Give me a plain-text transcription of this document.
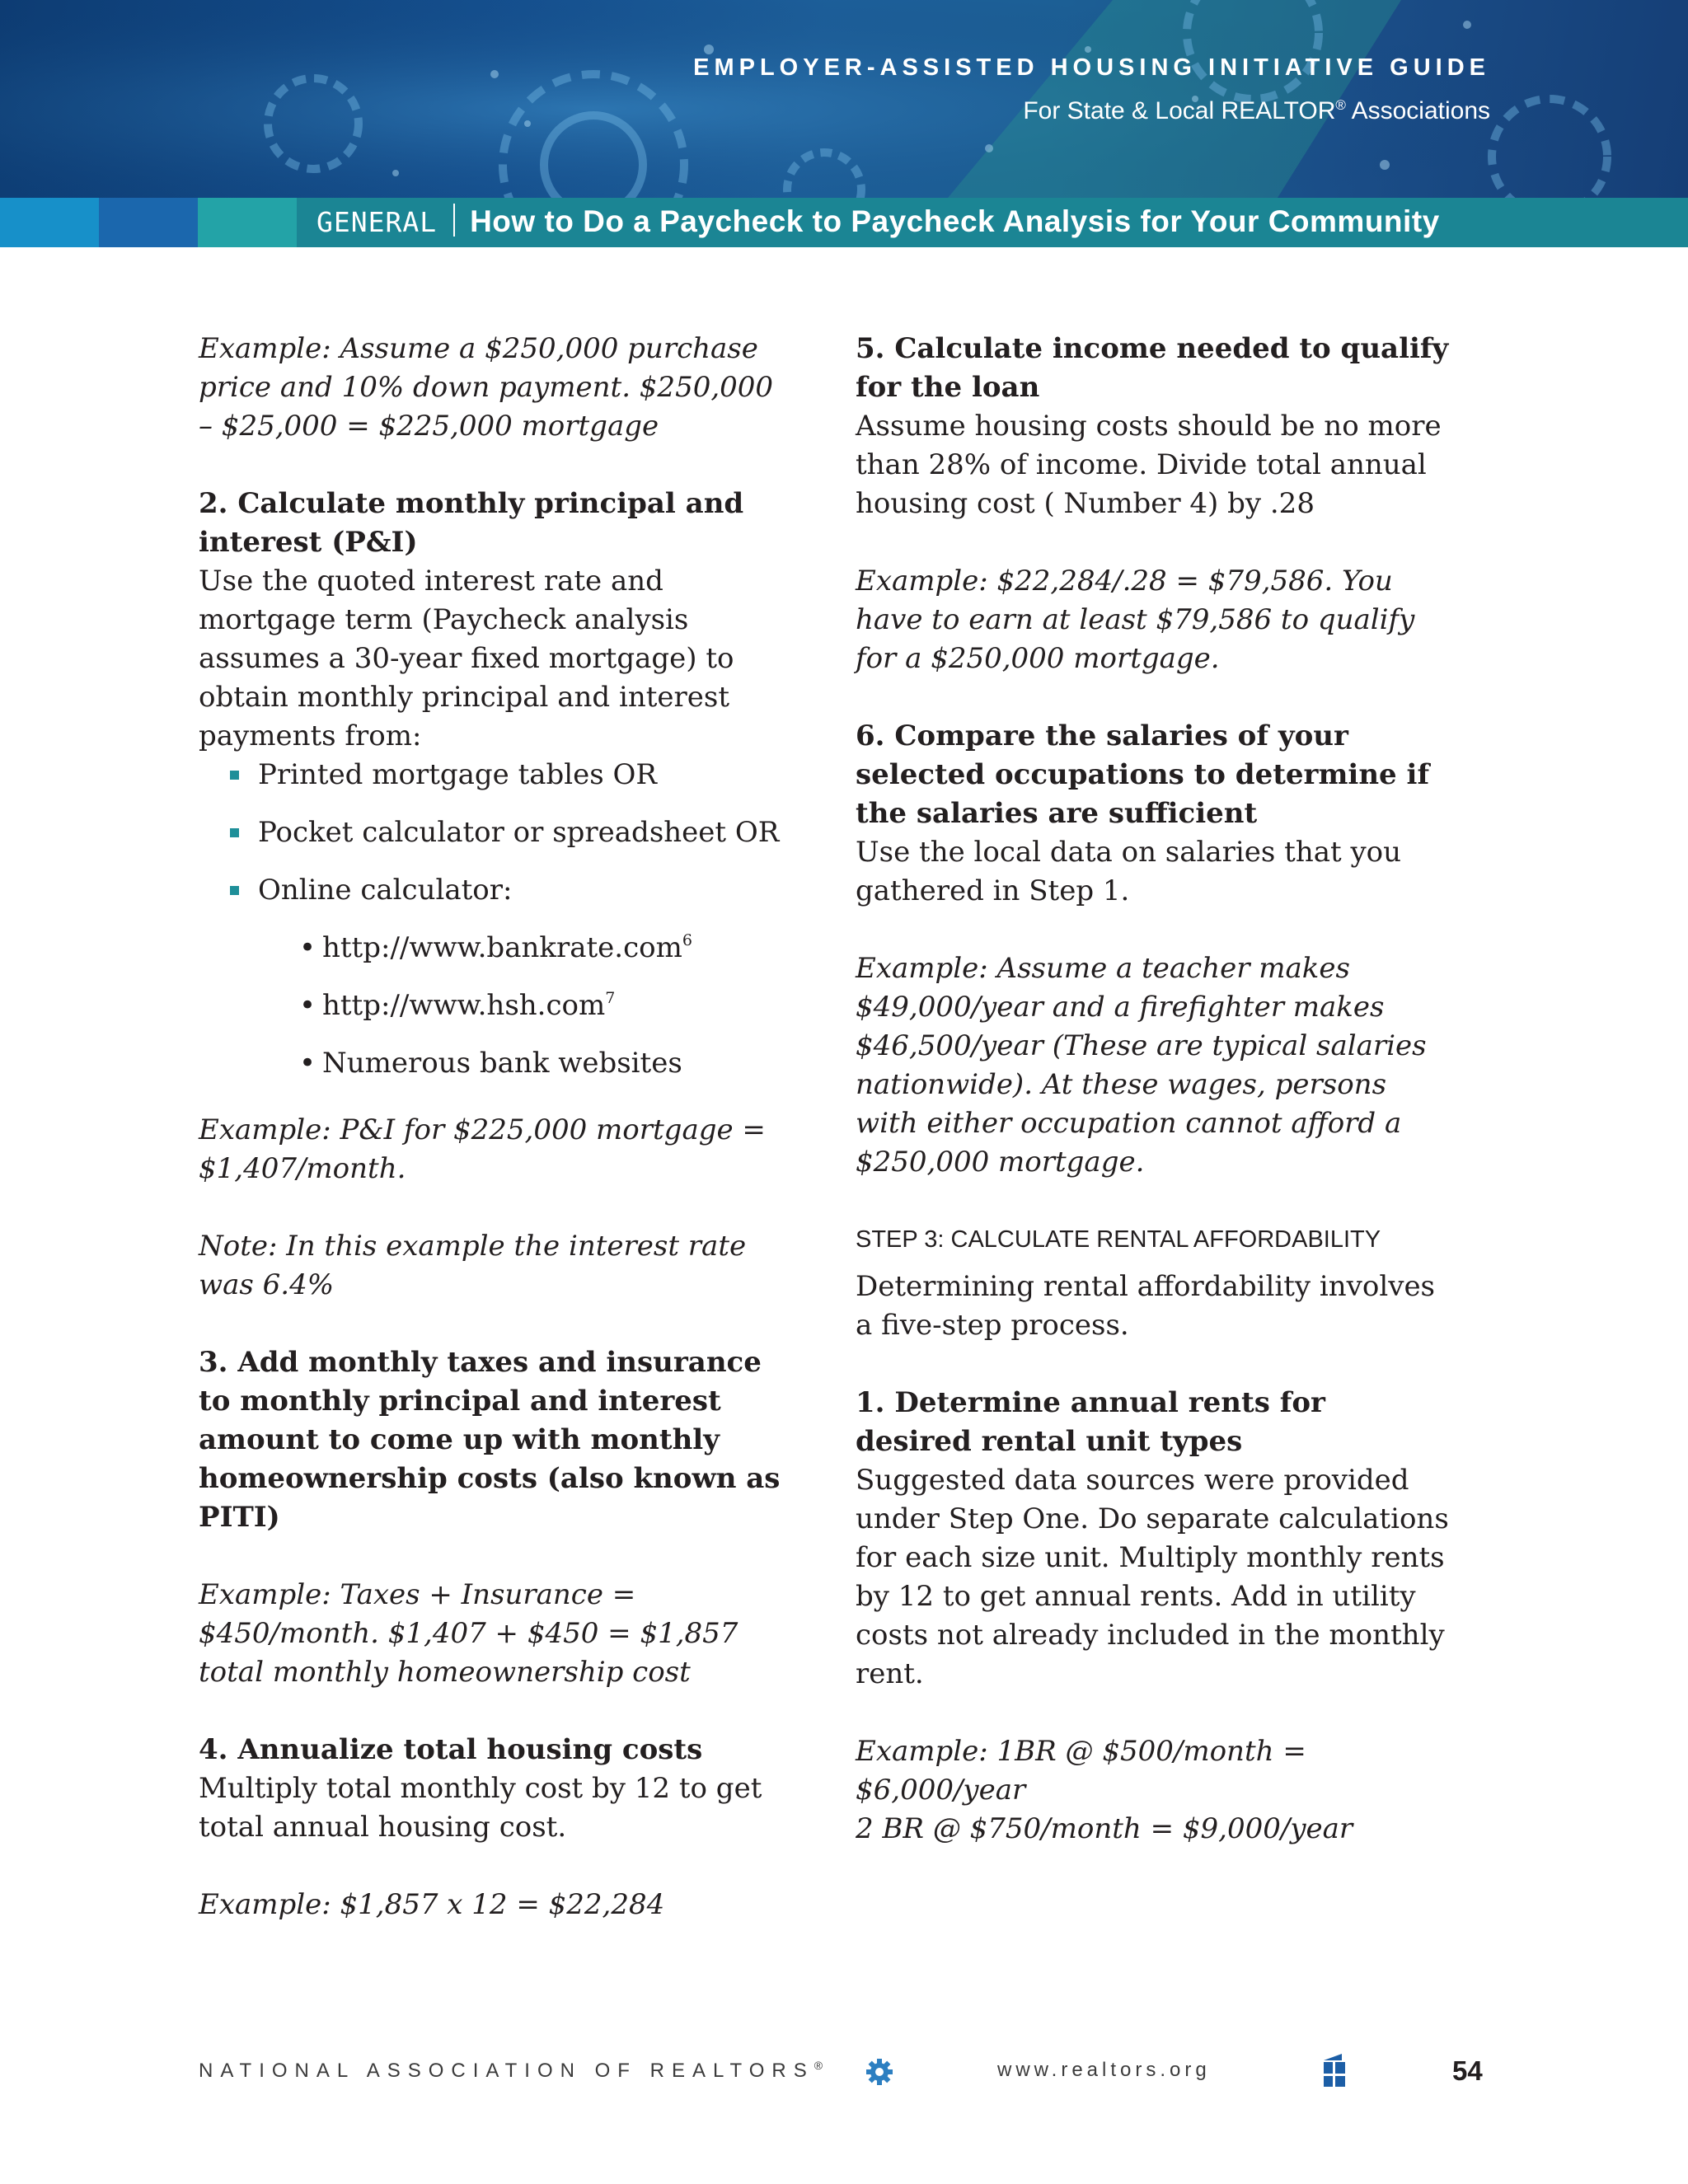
EMPLOYER-ASSISTED HOUSING INITIATIVE GUIDE
For State & Local REALTOR® Associations
GENERAL How to Do a Paycheck to Paycheck Analysis for Your Community

Example: Assume a $250,000 purchase price and 10% down payment. $250,000 – $25,000 = $225,000 mortgage

2. Calculate monthly principal and interest (P&I)

Use the quoted interest rate and mortgage term (Paycheck analysis assumes a 30-year fixed mortgage) to obtain monthly principal and interest payments from:

Printed mortgage tables OR
Pocket calculator or spreadsheet OR
Online calculator:
• http://www.bankrate.com$^6$
• http://www.hsh.com$^7$
• Numerous bank websites

Example: P&I for $225,000 mortgage = $1,407/month.

Note: In this example the interest rate was 6.4%

3. Add monthly taxes and insurance to monthly principal and interest amount to come up with monthly homeownership costs (also known as PITI)

Example: Taxes + Insurance = $450/month. $1,407 + $450 = $1,857 total monthly homeownership cost

4. Annualize total housing costs

Multiply total monthly cost by 12 to get total annual housing cost.

Example: $1,857 x 12 = $22,284

5. Calculate income needed to qualify for the loan

Assume housing costs should be no more than 28% of income. Divide total annual housing cost ( Number 4) by .28

Example: $22,284/.28 = $79,586. You have to earn at least $79,586 to qualify for a $250,000 mortgage.

6. Compare the salaries of your selected occupations to determine if the salaries are sufficient

Use the local data on salaries that you gathered in Step 1.

Example: Assume a teacher makes $49,000/year and a firefighter makes $46,500/year (These are typical salaries nationwide). At these wages, persons with either occupation cannot afford a $250,000 mortgage.

STEP 3: CALCULATE RENTAL AFFORDABILITY

Determining rental affordability involves a five-step process.

1. Determine annual rents for desired rental unit types

Suggested data sources were provided under Step One. Do separate calculations for each size unit. Multiply monthly rents by 12 to get annual rents. Add in utility costs not already included in the monthly rent.

Example: 1BR @ $500/month = $6,000/year

2 BR @ $750/month = $9,000/year

NATIONAL ASSOCIATION OF REALTORS®	www.realtors.org	54
